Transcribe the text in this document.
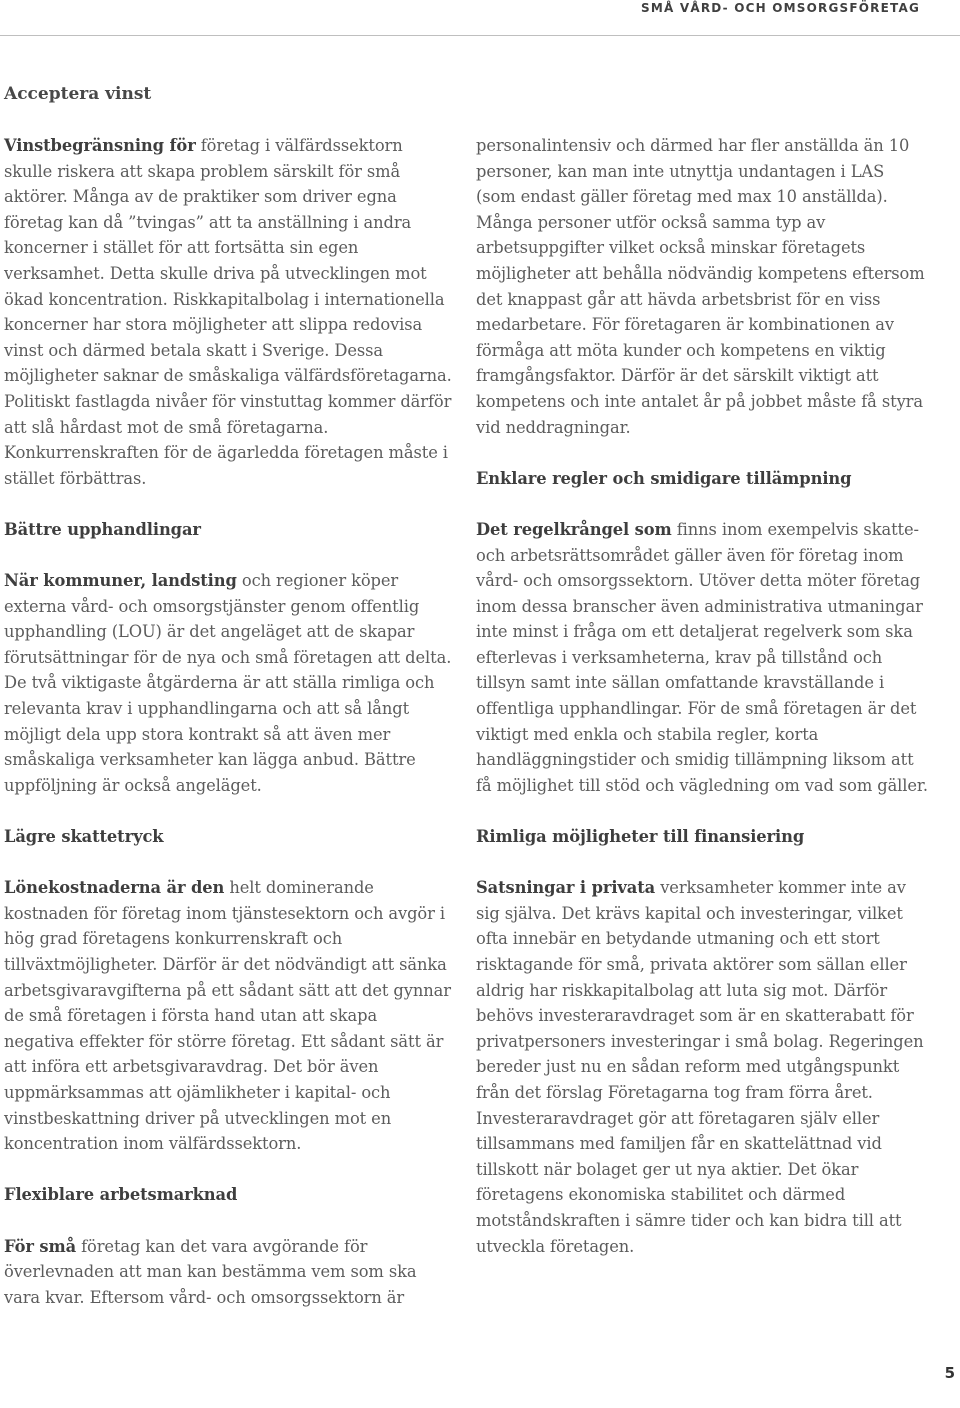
SMÅ VÅRD- OCH OMSORGSFÖRETAG
Acceptera vinst

Vinstbegränsning för företag i välfärdssektorn skulle riskera att skapa problem särskilt för små aktörer. Många av de praktiker som driver egna företag kan då ”tvingas” att ta anställning i andra koncerner i stället för att fortsätta sin egen verksamhet. Detta skulle driva på utvecklingen mot ökad koncentration. Riskkapitalbolag i internationella koncerner har stora möjligheter att slippa redovisa vinst och därmed betala skatt i Sverige. Dessa möjligheter saknar de småskaliga välfärdsföretagarna. Politiskt fastlagda nivåer för vinstuttag kommer därför att slå hårdast mot de små företagarna. Konkurrenskraften för de ägarledda företagen måste i stället förbättras.

Bättre upphandlingar

När kommuner, landsting och regioner köper externa vård- och omsorgstjänster genom offentlig upphandling (LOU) är det angeläget att de skapar förutsättningar för de nya och små företagen att delta. De två viktigaste åtgärderna är att ställa rimliga och relevanta krav i upphandlingarna och att så långt möjligt dela upp stora kontrakt så att även mer småskaliga verksamheter kan lägga anbud. Bättre uppföljning är också angeläget.

Lägre skattetryck

Lönekostnaderna är den helt dominerande kostnaden för företag inom tjänstesektorn och avgör i hög grad företagens konkurrenskraft och tillväxtmöjligheter. Därför är det nödvändigt att sänka arbetsgivaravgifterna på ett sådant sätt att det gynnar de små företagen i första hand utan att skapa negativa effekter för större företag. Ett sådant sätt är att införa ett arbetsgivaravdrag. Det bör även uppmärksammas att ojämlikheter i kapital- och vinstbeskattning driver på utvecklingen mot en koncentration inom välfärdssektorn.

Flexiblare arbetsmarknad

För små företag kan det vara avgörande för överlevnaden att man kan bestämma vem som ska vara kvar. Eftersom vård- och omsorgssektorn är

personalintensiv och därmed har fler anställda än 10 personer, kan man inte utnyttja undantagen i LAS (som endast gäller företag med max 10 anställda). Många personer utför också samma typ av arbetsuppgifter vilket också minskar företagets möjligheter att behålla nödvändig kompetens eftersom det knappast går att hävda arbetsbrist för en viss medarbetare. För företagaren är kombinationen av förmåga att möta kunder och kompetens en viktig framgångsfaktor. Därför är det särskilt viktigt att kompetens och inte antalet år på jobbet måste få styra vid neddragningar.

Enklare regler och smidigare tillämpning

Det regelkrångel som finns inom exempelvis skatte- och arbetsrättsområdet gäller även för företag inom vård- och omsorgssektorn. Utöver detta möter företag inom dessa branscher även administrativa utmaningar inte minst i fråga om ett detaljerat regelverk som ska efterlevas i verksamheterna, krav på tillstånd och tillsyn samt inte sällan omfattande kravställande i offentliga upphandlingar. För de små företagen är det viktigt med enkla och stabila regler, korta handläggningstider och smidig tillämpning liksom att få möjlighet till stöd och vägledning om vad som gäller.

Rimliga möjligheter till finansiering

Satsningar i privata verksamheter kommer inte av sig själva. Det krävs kapital och investeringar, vilket ofta innebär en betydande utmaning och ett stort risktagande för små, privata aktörer som sällan eller aldrig har riskkapitalbolag att luta sig mot. Därför behövs investeraravdraget som är en skatterabatt för privatpersoners investeringar i små bolag. Regeringen bereder just nu en sådan reform med utgångspunkt från det förslag Företagarna tog fram förra året. Investeraravdraget gör att företagaren själv eller tillsammans med familjen får en skattelättnad vid tillskott när bolaget ger ut nya aktier. Det ökar företagens ekonomiska stabilitet och därmed motståndskraften i sämre tider och kan bidra till att utveckla företagen.

5
